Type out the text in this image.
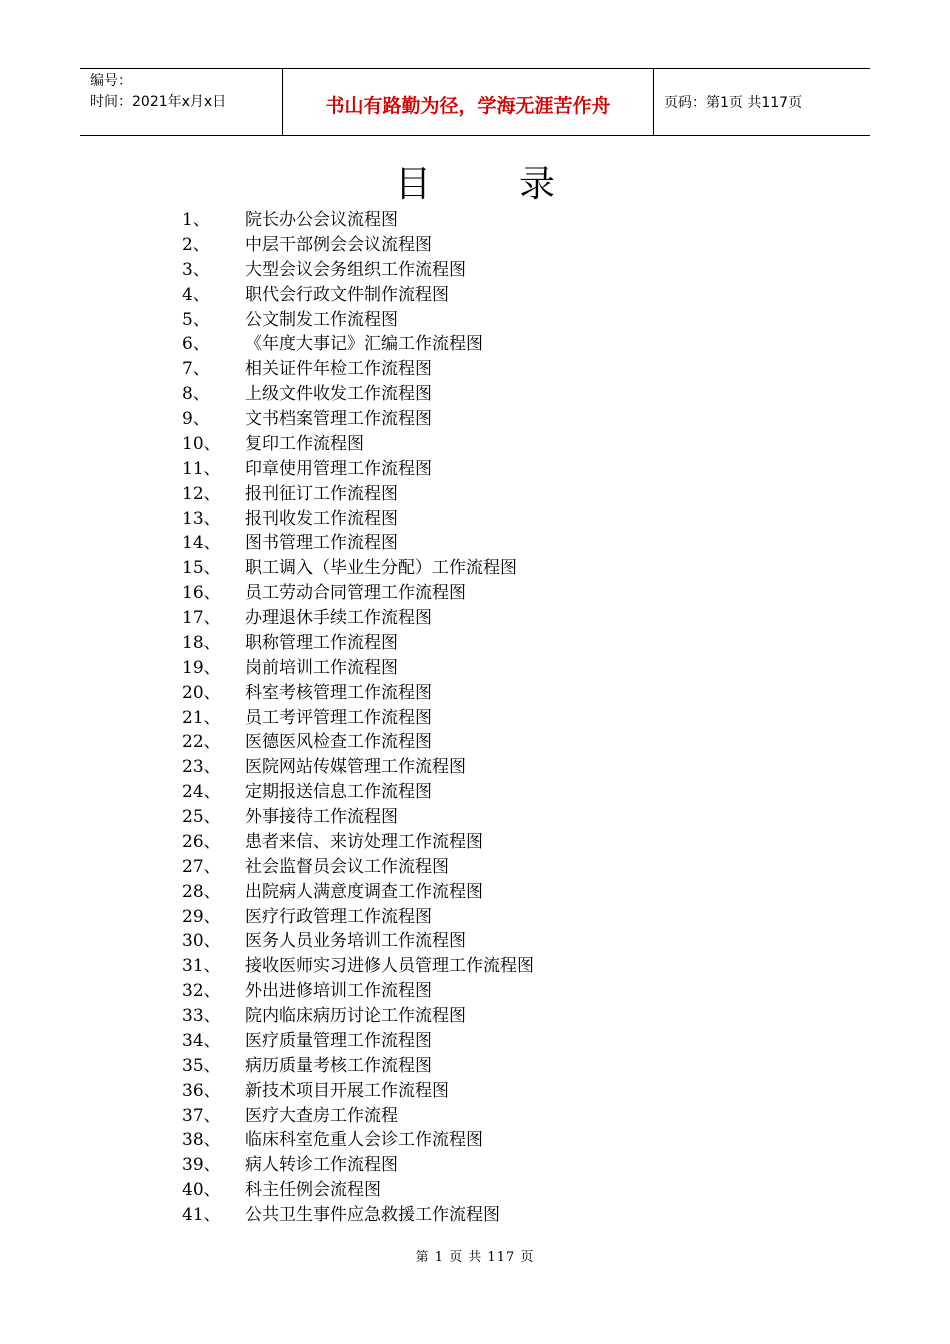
编号：
时间：2021年x月x日	书山有路勤为径，学海无涯苦作舟	页码：第1页 共117页
目录
1、	院长办公会议流程图
2、	中层干部例会会议流程图
3、	大型会议会务组织工作流程图
4、	职代会行政文件制作流程图
5、	公文制发工作流程图
6、	《年度大事记》汇编工作流程图
7、	相关证件年检工作流程图
8、	上级文件收发工作流程图
9、	文书档案管理工作流程图
10、	复印工作流程图
11、	印章使用管理工作流程图
12、	报刊征订工作流程图
13、	报刊收发工作流程图
14、	图书管理工作流程图
15、	职工调入（毕业生分配）工作流程图
16、	员工劳动合同管理工作流程图
17、	办理退休手续工作流程图
18、	职称管理工作流程图
19、	岗前培训工作流程图
20、	科室考核管理工作流程图
21、	员工考评管理工作流程图
22、	医德医风检查工作流程图
23、	医院网站传媒管理工作流程图
24、	定期报送信息工作流程图
25、	外事接待工作流程图
26、	患者来信、来访处理工作流程图
27、	社会监督员会议工作流程图
28、	出院病人满意度调查工作流程图
29、	医疗行政管理工作流程图
30、	医务人员业务培训工作流程图
31、	接收医师实习进修人员管理工作流程图
32、	外出进修培训工作流程图
33、	院内临床病历讨论工作流程图
34、	医疗质量管理工作流程图
35、	病历质量考核工作流程图
36、	新技术项目开展工作流程图
37、	医疗大查房工作流程
38、	临床科室危重人会诊工作流程图
39、	病人转诊工作流程图
40、	科主任例会流程图
41、	公共卫生事件应急救援工作流程图
第 1 页 共 117 页
